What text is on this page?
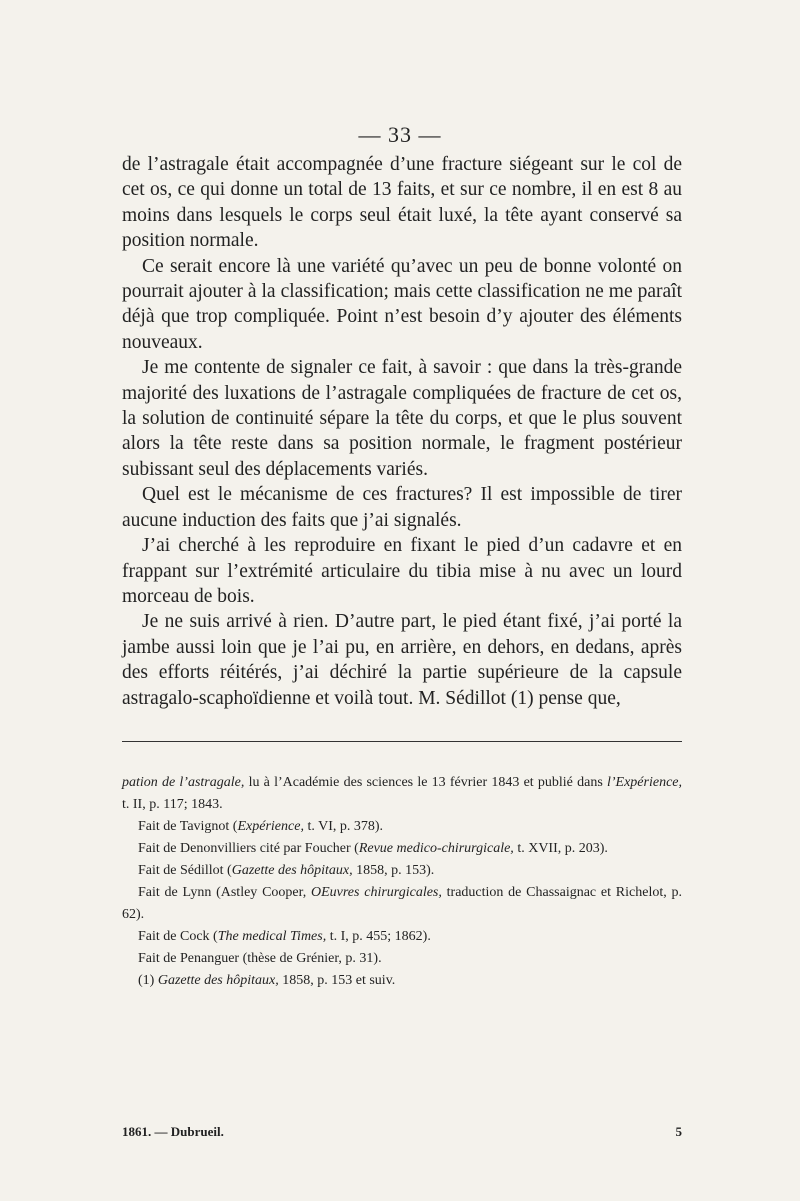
— 33 —

de l’astragale était accompagnée d’une fracture siégeant sur le col de cet os, ce qui donne un total de 13 faits, et sur ce nombre, il en est 8 au moins dans lesquels le corps seul était luxé, la tête ayant conservé sa position normale.

Ce serait encore là une variété qu’avec un peu de bonne volonté on pourrait ajouter à la classification; mais cette classification ne me paraît déjà que trop compliquée. Point n’est besoin d’y ajouter des éléments nouveaux.

Je me contente de signaler ce fait, à savoir : que dans la très-grande majorité des luxations de l’astragale compliquées de fracture de cet os, la solution de continuité sépare la tête du corps, et que le plus souvent alors la tête reste dans sa position normale, le fragment postérieur subissant seul des déplacements variés.

Quel est le mécanisme de ces fractures? Il est impossible de tirer aucune induction des faits que j’ai signalés.

J’ai cherché à les reproduire en fixant le pied d’un cadavre et en frappant sur l’extrémité articulaire du tibia mise à nu avec un lourd morceau de bois.

Je ne suis arrivé à rien. D’autre part, le pied étant fixé, j’ai porté la jambe aussi loin que je l’ai pu, en arrière, en dehors, en dedans, après des efforts réitérés, j’ai déchiré la partie supérieure de la capsule astragalo-scaphoïdienne et voilà tout. M. Sédillot (1) pense que,

pation de l’astragale, lu à l’Académie des sciences le 13 février 1843 et publié dans l’Expérience, t. II, p. 117; 1843.

Fait de Tavignot (Expérience, t. VI, p. 378).

Fait de Denonvilliers cité par Foucher (Revue medico-chirurgicale, t. XVII, p. 203).

Fait de Sédillot (Gazette des hôpitaux, 1858, p. 153).

Fait de Lynn (Astley Cooper, OEuvres chirurgicales, traduction de Chassaignac et Richelot, p. 62).

Fait de Cock (The medical Times, t. I, p. 455; 1862).

Fait de Penanguer (thèse de Grénier, p. 31).

(1) Gazette des hôpitaux, 1858, p. 153 et suiv.

1861. — Dubrueil.	5
